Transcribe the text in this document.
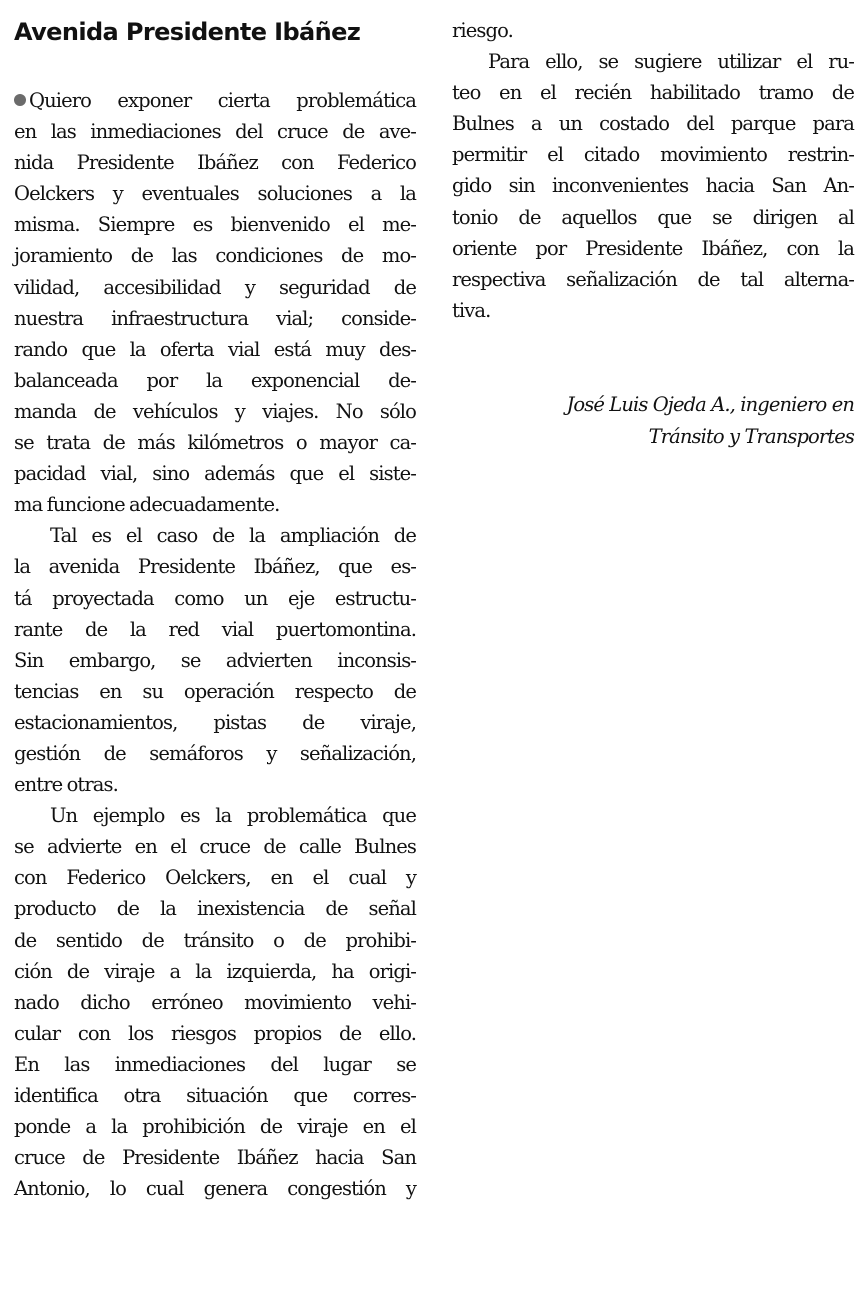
Avenida Presidente Ibáñez
Quiero exponer cierta problemática
en las inmediaciones del cruce de ave-
nida Presidente Ibáñez con Federico
Oelckers y eventuales soluciones a la
misma. Siempre es bienvenido el me-
joramiento de las condiciones de mo-
vilidad, accesibilidad y seguridad de
nuestra infraestructura vial; conside-
rando que la oferta vial está muy des-
balanceada por la exponencial de-
manda de vehículos y viajes. No sólo
se trata de más kilómetros o mayor ca-
pacidad vial, sino además que el siste-
ma funcione adecuadamente.
Tal es el caso de la ampliación de
la avenida Presidente Ibáñez, que es-
tá proyectada como un eje estructu-
rante de la red vial puertomontina.
Sin embargo, se advierten inconsis-
tencias en su operación respecto de
estacionamientos, pistas de viraje,
gestión de semáforos y señalización,
entre otras.
Un ejemplo es la problemática que
se advierte en el cruce de calle Bulnes
con Federico Oelckers, en el cual y
producto de la inexistencia de señal
de sentido de tránsito o de prohibi-
ción de viraje a la izquierda, ha origi-
nado dicho erróneo movimiento vehi-
cular con los riesgos propios de ello.
En las inmediaciones del lugar se
identifica otra situación que corres-
ponde a la prohibición de viraje en el
cruce de Presidente Ibáñez hacia San
Antonio, lo cual genera congestión y
riesgo.
Para ello, se sugiere utilizar el ru-
teo en el recién habilitado tramo de
Bulnes a un costado del parque para
permitir el citado movimiento restrin-
gido sin inconvenientes hacia San An-
tonio de aquellos que se dirigen al
oriente por Presidente Ibáñez, con la
respectiva señalización de tal alterna-
tiva.
José Luis Ojeda A., ingeniero en
Tránsito y Transportes
